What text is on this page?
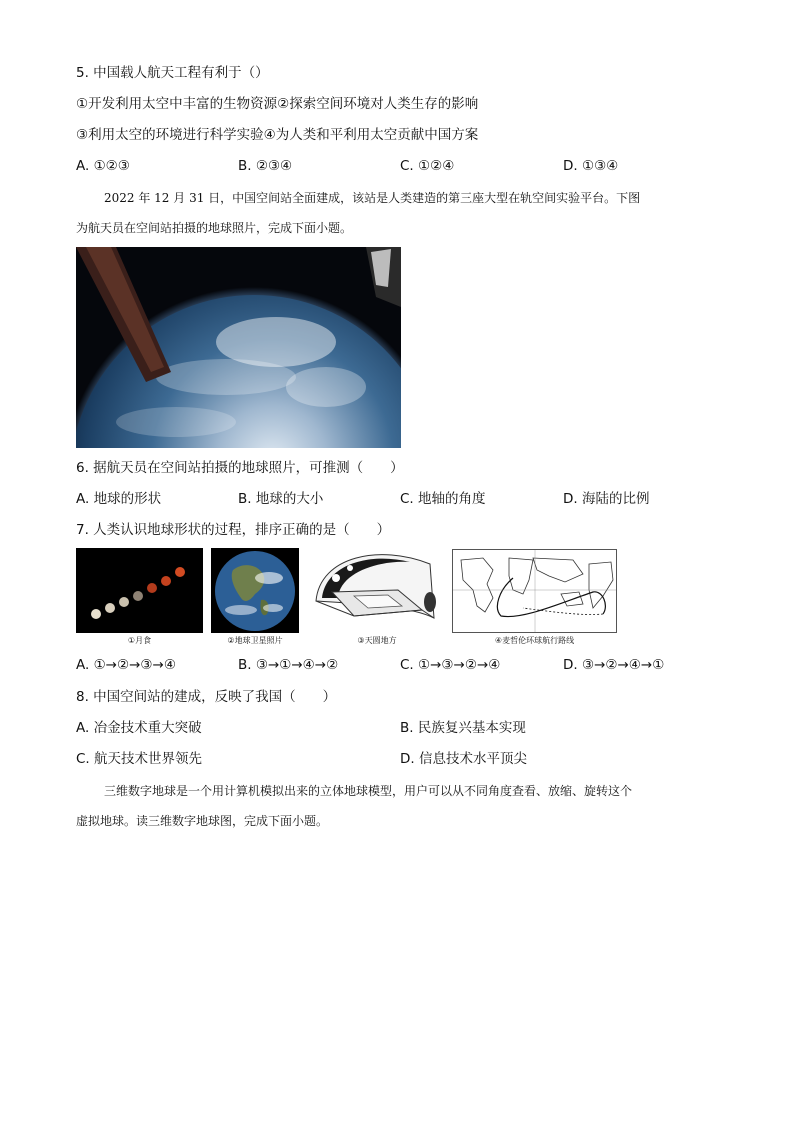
5. 中国载人航天工程有利于（）
①开发利用太空中丰富的生物资源②探索空间环境对人类生存的影响
③利用太空的环境进行科学实验④为人类和平利用太空贡献中国方案
A. ①②③	B. ②③④	C. ①②④	D. ①③④
2022 年 12 月 31 日，中国空间站全面建成，该站是人类建造的第三座大型在轨空间实验平台。下图
为航天员在空间站拍摄的地球照片，完成下面小题。
6. 据航天员在空间站拍摄的地球照片，可推测（　　）
A. 地球的形状	B. 地球的大小	C. 地轴的角度	D. 海陆的比例
7. 人类认识地球形状的过程，排序正确的是（　　）
①月食	②地球卫星照片	③天圆地方	④麦哲伦环球航行路线
A. ①→②→③→④	B. ③→①→④→②	C. ①→③→②→④	D. ③→②→④→①
8. 中国空间站的建成，反映了我国（　　）
A. 冶金技术重大突破	B. 民族复兴基本实现
C. 航天技术世界领先	D. 信息技术水平顶尖
三维数字地球是一个用计算机模拟出来的立体地球模型，用户可以从不同角度查看、放缩、旋转这个
虚拟地球。读三维数字地球图，完成下面小题。
